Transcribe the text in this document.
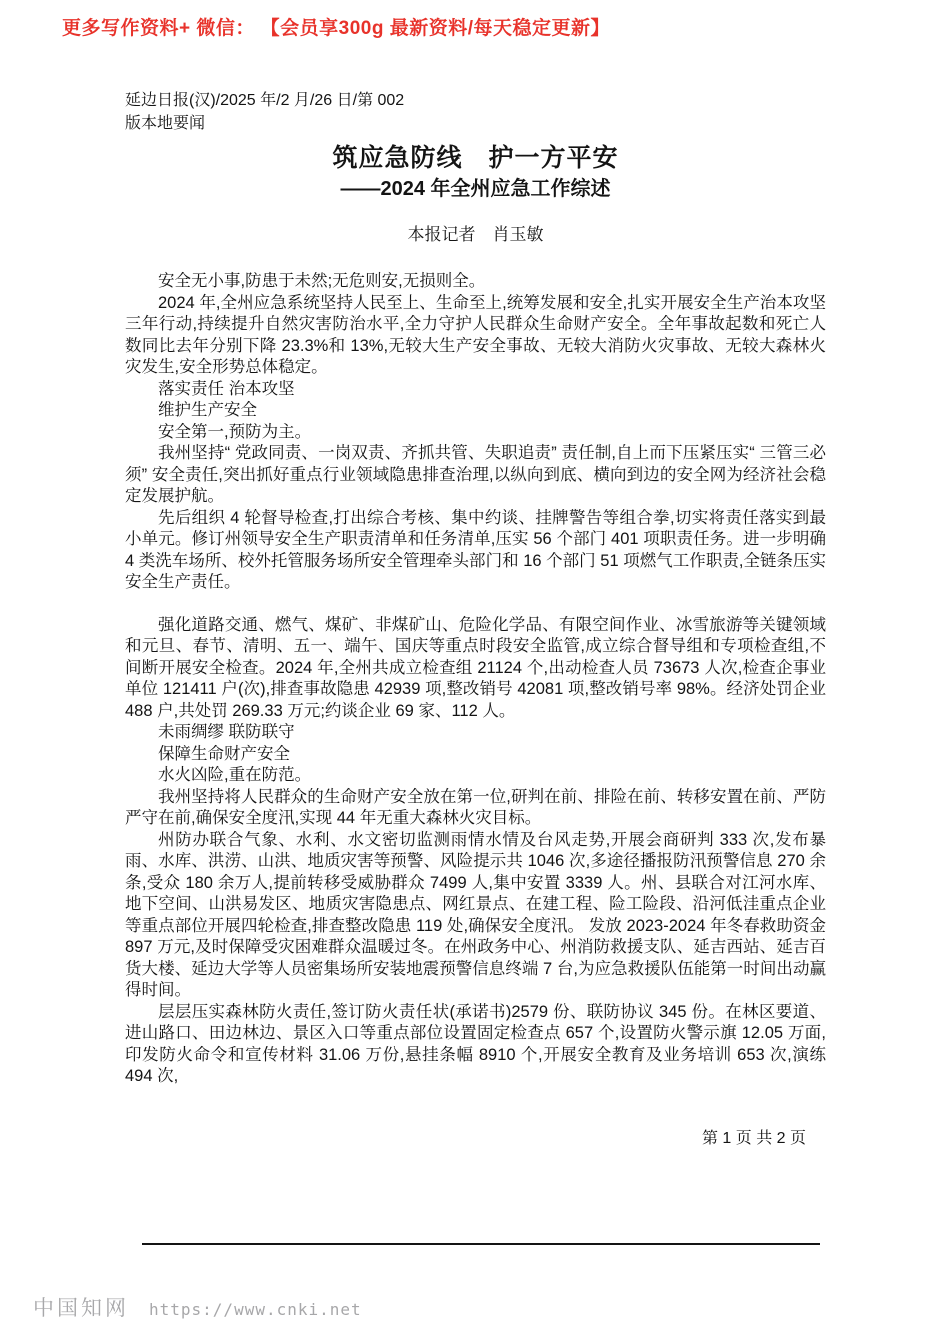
更多写作资料+ 微信： 【会员享300g 最新资料/每天稳定更新】
延边日报(汉)/2025 年/2 月/26 日/第 002
版本地要闻
筑应急防线　护一方平安
——2024 年全州应急工作综述
本报记者　肖玉敏

安全无小事,防患于未然;无危则安,无损则全。

2024 年,全州应急系统坚持人民至上、生命至上,统筹发展和安全,扎实开展安全生产治本攻坚三年行动,持续提升自然灾害防治水平,全力守护人民群众生命财产安全。全年事故起数和死亡人数同比去年分别下降 23.3%和 13%,无较大生产安全事故、无较大消防火灾事故、无较大森林火灾发生,安全形势总体稳定。

落实责任 治本攻坚

维护生产安全

安全第一,预防为主。

我州坚持“ 党政同责、一岗双责、齐抓共管、失职追责” 责任制,自上而下压紧压实“ 三管三必须” 安全责任,突出抓好重点行业领域隐患排查治理,以纵向到底、横向到边的安全网为经济社会稳定发展护航。

先后组织 4 轮督导检查,打出综合考核、集中约谈、挂牌警告等组合拳,切实将责任落实到最小单元。修订州领导安全生产职责清单和任务清单,压实 56 个部门 401 项职责任务。进一步明确 4 类洗车场所、校外托管服务场所安全管理牵头部门和 16 个部门 51 项燃气工作职责,全链条压实安全生产责任。

强化道路交通、燃气、煤矿、非煤矿山、危险化学品、有限空间作业、冰雪旅游等关键领域和元旦、春节、清明、五一、端午、国庆等重点时段安全监管,成立综合督导组和专项检查组,不间断开展安全检查。2024 年,全州共成立检查组 21124 个,出动检查人员 73673 人次,检查企事业单位 121411 户(次),排查事故隐患 42939 项,整改销号 42081 项,整改销号率 98%。经济处罚企业 488 户,共处罚 269.33 万元;约谈企业 69 家、112 人。

未雨绸缪 联防联守

保障生命财产安全

水火凶险,重在防范。

我州坚持将人民群众的生命财产安全放在第一位,研判在前、排险在前、转移安置在前、严防严守在前,确保安全度汛,实现 44 年无重大森林火灾目标。

州防办联合气象、水利、水文密切监测雨情水情及台风走势,开展会商研判 333 次,发布暴雨、水库、洪涝、山洪、地质灾害等预警、风险提示共 1046 次,多途径播报防汛预警信息 270 余条,受众 180 余万人,提前转移受威胁群众 7499 人,集中安置 3339 人。州、县联合对江河水库、地下空间、山洪易发区、地质灾害隐患点、网红景点、在建工程、险工险段、沿河低洼重点企业等重点部位开展四轮检查,排查整改隐患 119 处,确保安全度汛。 发放 2023-2024 年冬春救助资金 897 万元,及时保障受灾困难群众温暖过冬。在州政务中心、州消防救援支队、延吉西站、延吉百货大楼、延边大学等人员密集场所安装地震预警信息终端 7 台,为应急救援队伍能第一时间出动赢得时间。

层层压实森林防火责任,签订防火责任状(承诺书)2579 份、联防协议 345 份。在林区要道、进山路口、田边林边、景区入口等重点部位设置固定检查点 657 个,设置防火警示旗 12.05 万面,印发防火命令和宣传材料 31.06 万份,悬挂条幅 8910 个,开展安全教育及业务培训 653 次,演练 494 次,

第 1 页 共 2 页
中国知网 https://www.cnki.net
